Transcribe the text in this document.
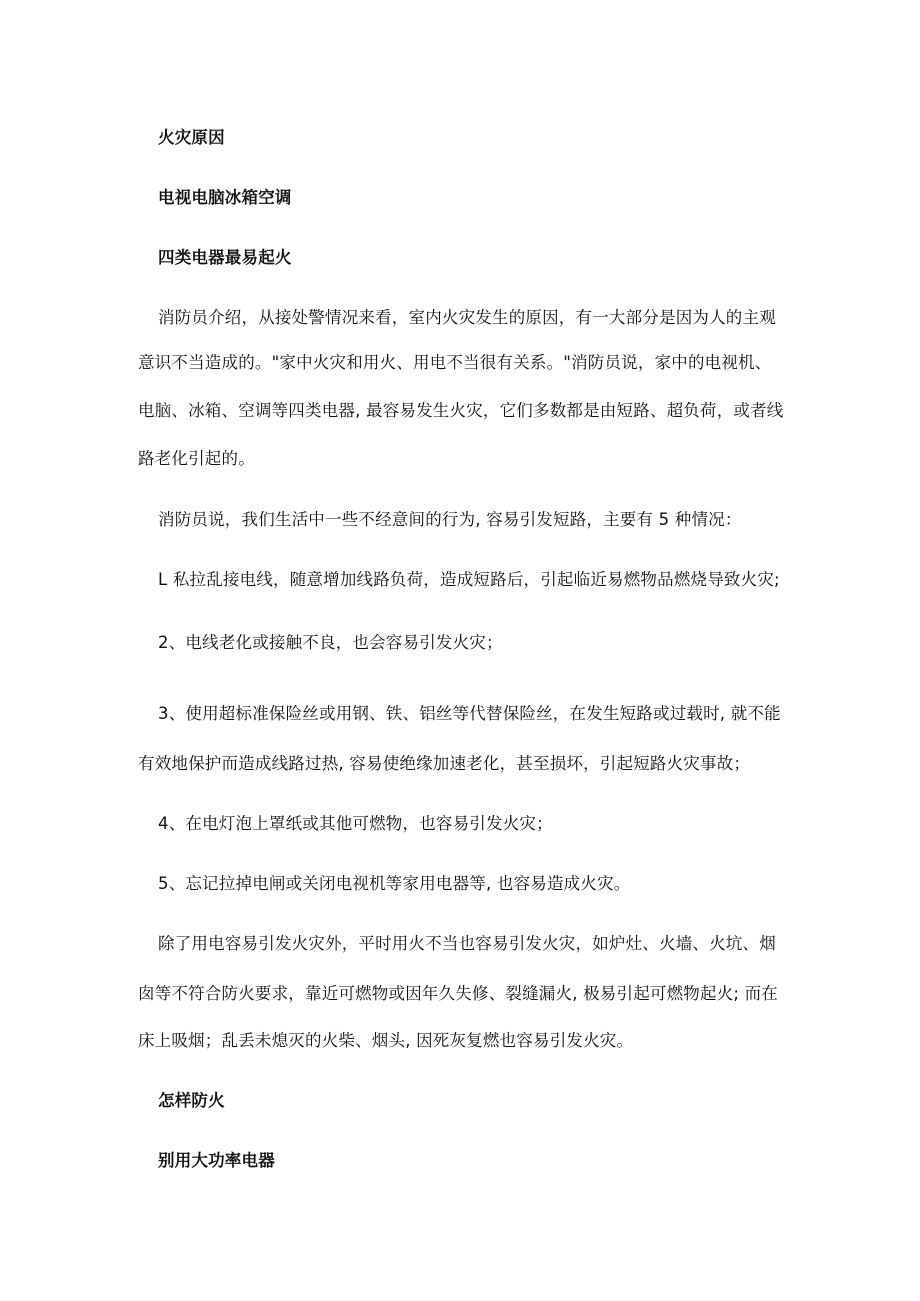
火灾原因
电视电脑冰箱空调
四类电器最易起火
消防员介绍，从接处警情况来看，室内火灾发生的原因，有一大部分是因为人的主观
意识不当造成的。"家中火灾和用火、用电不当很有关系。"消防员说，家中的电视机、
电脑、冰箱、空调等四类电器, 最容易发生火灾，它们多数都是由短路、超负荷，或者线
路老化引起的。
消防员说，我们生活中一些不经意间的行为, 容易引发短路，主要有 5 种情况：
L 私拉乱接电线，随意增加线路负荷，造成短路后，引起临近易燃物品燃烧导致火灾;
2、电线老化或接触不良，也会容易引发火灾；
3、使用超标准保险丝或用钢、铁、铝丝等代替保险丝，在发生短路或过载时, 就不能
有效地保护而造成线路过热, 容易使绝缘加速老化，甚至损坏，引起短路火灾事故；
4、在电灯泡上罩纸或其他可燃物，也容易引发火灾；
5、忘记拉掉电闸或关闭电视机等家用电器等, 也容易造成火灾。
除了用电容易引发火灾外，平时用火不当也容易引发火灾，如炉灶、火墙、火坑、烟
囱等不符合防火要求，靠近可燃物或因年久失修、裂缝漏火, 极易引起可燃物起火; 而在
床上吸烟；乱丢未熄灭的火柴、烟头, 因死灰复燃也容易引发火灾。
怎样防火
别用大功率电器
